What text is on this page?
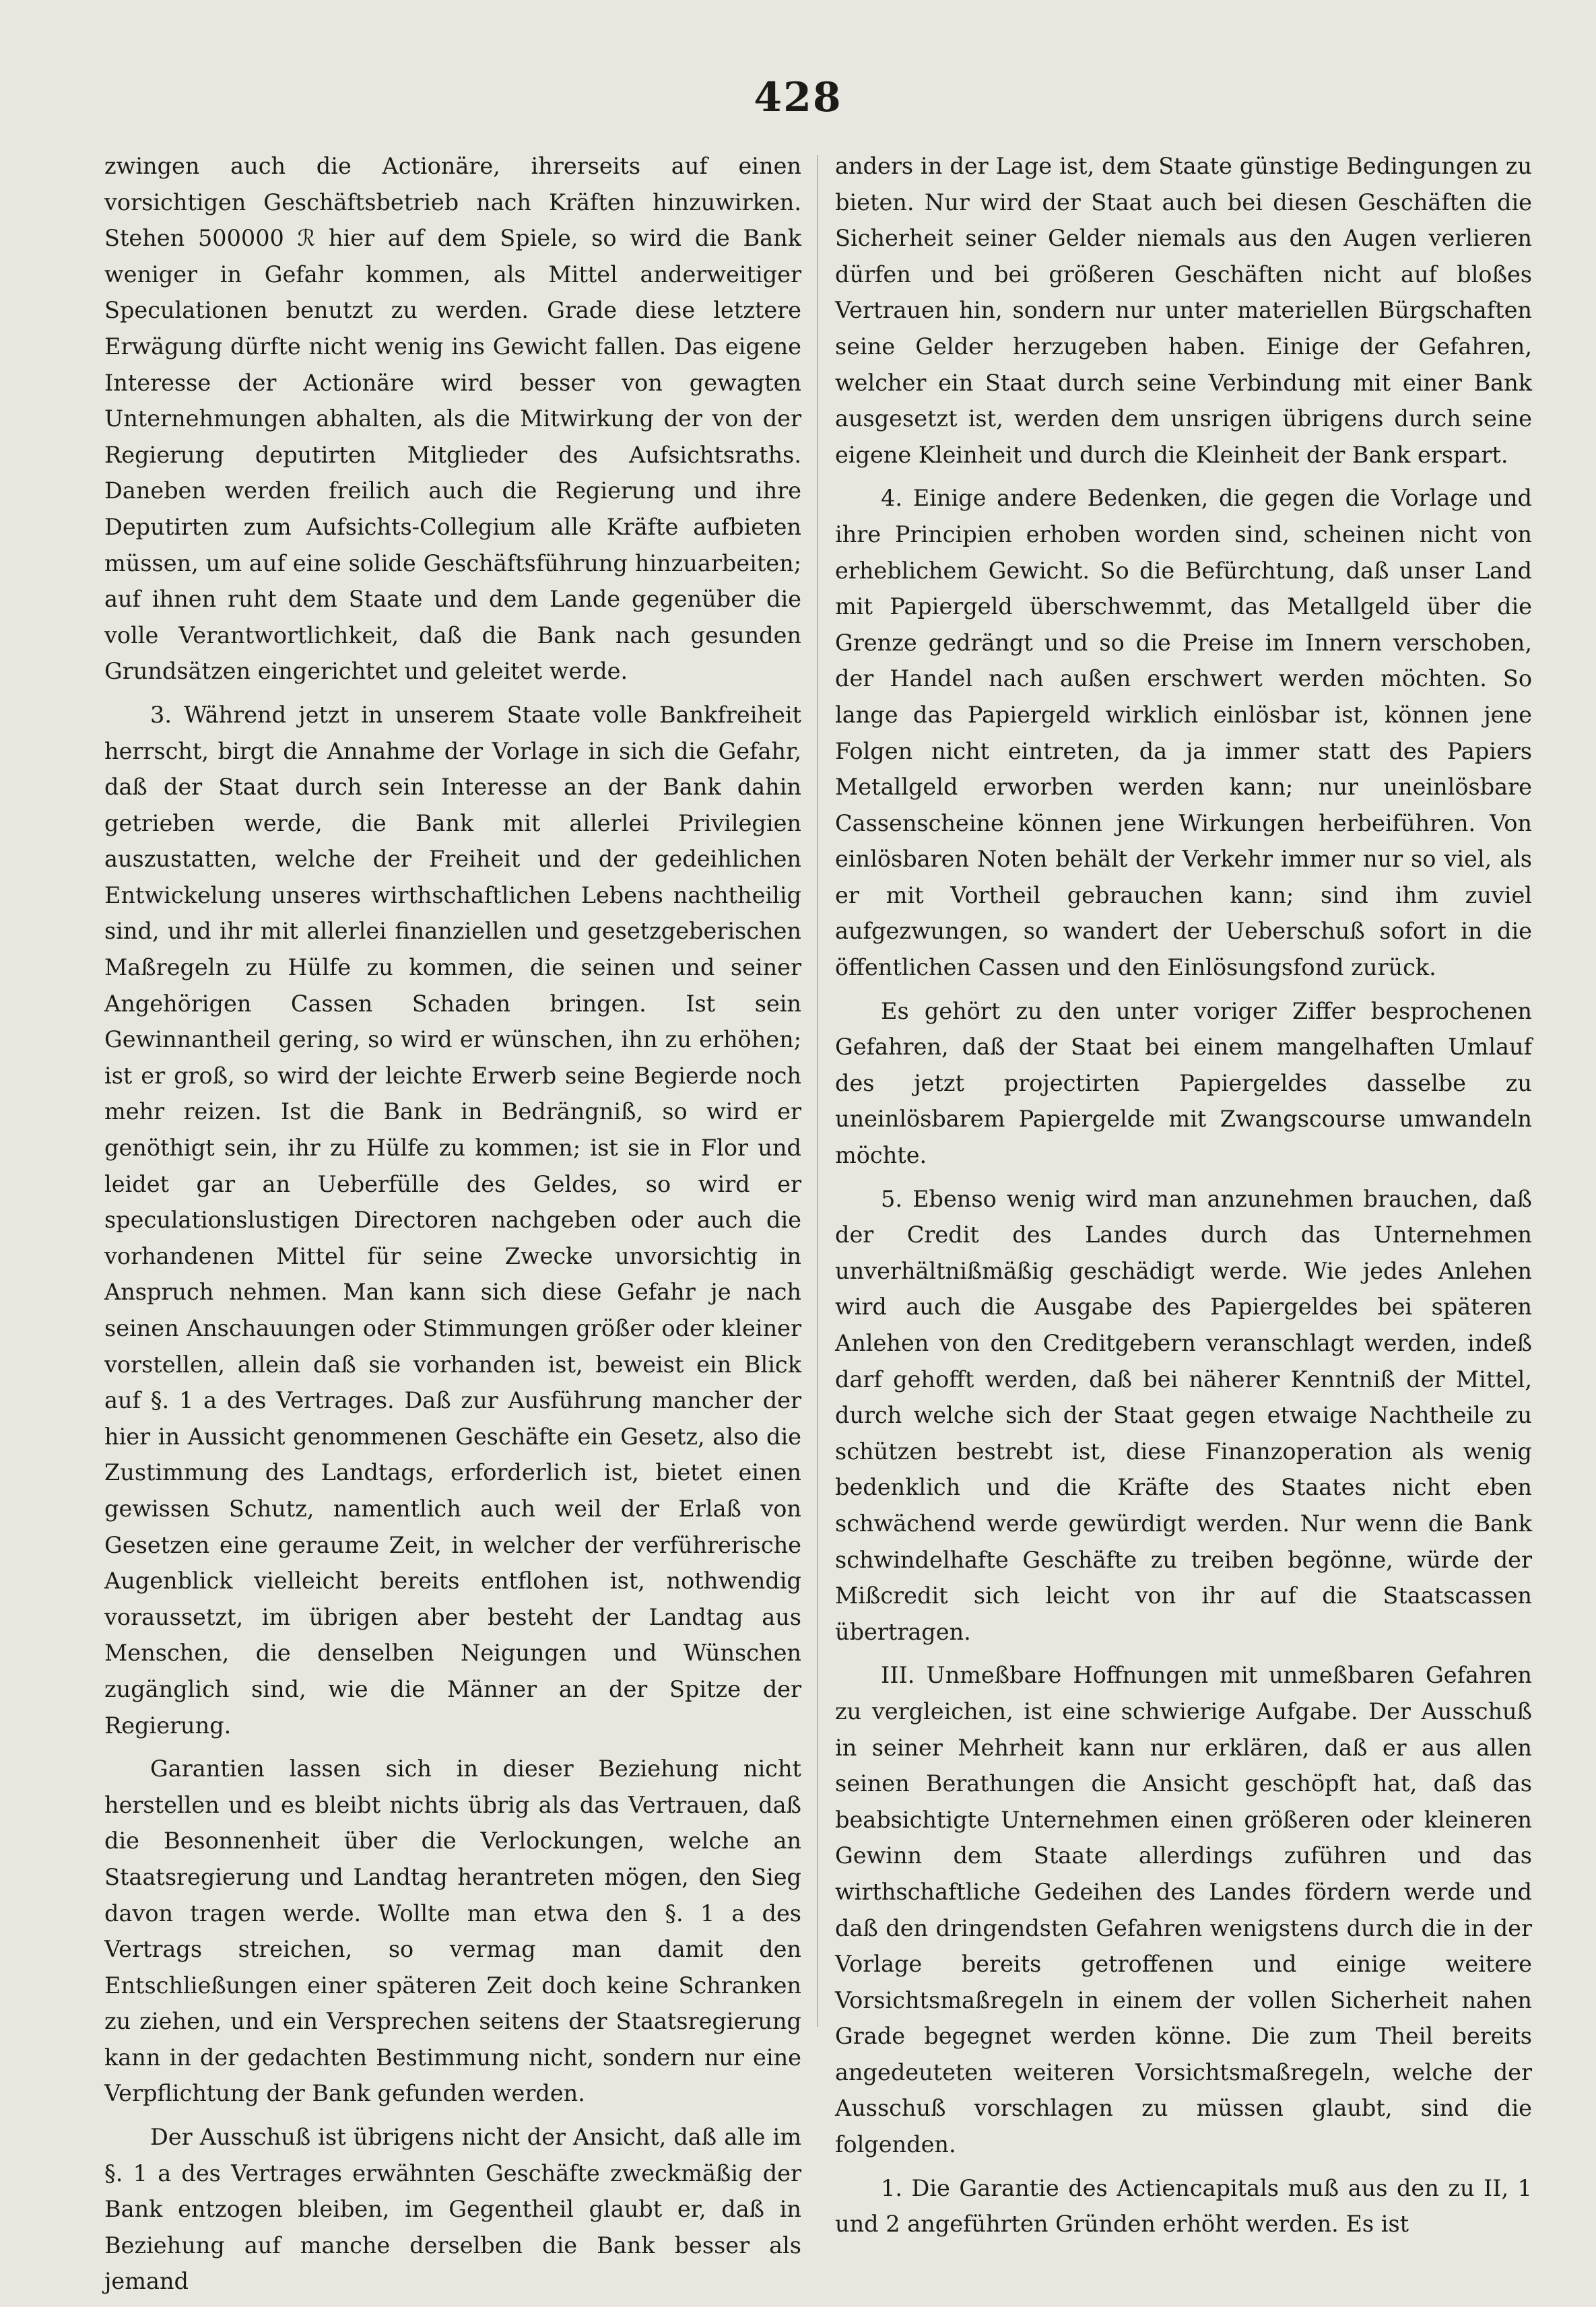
428

zwingen auch die Actionäre, ihrerseits auf einen vorsichtigen Geschäftsbetrieb nach Kräften hinzuwirken. Stehen 500000 ℛ hier auf dem Spiele, so wird die Bank weniger in Gefahr kommen, als Mittel anderweitiger Speculationen benutzt zu werden. Grade diese letztere Erwägung dürfte nicht wenig ins Gewicht fallen. Das eigene Interesse der Actionäre wird besser von gewagten Unternehmungen abhalten, als die Mitwirkung der von der Regierung deputirten Mitglieder des Aufsichtsraths. Daneben werden freilich auch die Regierung und ihre Deputirten zum Aufsichts-Collegium alle Kräfte aufbieten müssen, um auf eine solide Geschäftsführung hinzuarbeiten; auf ihnen ruht dem Staate und dem Lande gegenüber die volle Verantwortlichkeit, daß die Bank nach gesunden Grundsätzen eingerichtet und geleitet werde.

3. Während jetzt in unserem Staate volle Bankfreiheit herrscht, birgt die Annahme der Vorlage in sich die Gefahr, daß der Staat durch sein Interesse an der Bank dahin getrieben werde, die Bank mit allerlei Privilegien auszustatten, welche der Freiheit und der gedeihlichen Entwickelung unseres wirthschaftlichen Lebens nachtheilig sind, und ihr mit allerlei finanziellen und gesetzgeberischen Maßregeln zu Hülfe zu kommen, die seinen und seiner Angehörigen Cassen Schaden bringen. Ist sein Gewinnantheil gering, so wird er wünschen, ihn zu erhöhen; ist er groß, so wird der leichte Erwerb seine Begierde noch mehr reizen. Ist die Bank in Bedrängniß, so wird er genöthigt sein, ihr zu Hülfe zu kommen; ist sie in Flor und leidet gar an Ueberfülle des Geldes, so wird er speculationslustigen Directoren nachgeben oder auch die vorhandenen Mittel für seine Zwecke unvorsichtig in Anspruch nehmen. Man kann sich diese Gefahr je nach seinen Anschauungen oder Stimmungen größer oder kleiner vorstellen, allein daß sie vorhanden ist, beweist ein Blick auf §. 1 a des Vertrages. Daß zur Ausführung mancher der hier in Aussicht genommenen Geschäfte ein Gesetz, also die Zustimmung des Landtags, erforderlich ist, bietet einen gewissen Schutz, namentlich auch weil der Erlaß von Gesetzen eine geraume Zeit, in welcher der verführerische Augenblick vielleicht bereits entflohen ist, nothwendig voraussetzt, im übrigen aber besteht der Landtag aus Menschen, die denselben Neigungen und Wünschen zugänglich sind, wie die Männer an der Spitze der Regierung.

Garantien lassen sich in dieser Beziehung nicht herstellen und es bleibt nichts übrig als das Vertrauen, daß die Besonnenheit über die Verlockungen, welche an Staatsregierung und Landtag herantreten mögen, den Sieg davon tragen werde. Wollte man etwa den §. 1 a des Vertrags streichen, so vermag man damit den Entschließungen einer späteren Zeit doch keine Schranken zu ziehen, und ein Versprechen seitens der Staatsregierung kann in der gedachten Bestimmung nicht, sondern nur eine Verpflichtung der Bank gefunden werden.

Der Ausschuß ist übrigens nicht der Ansicht, daß alle im §. 1 a des Vertrages erwähnten Geschäfte zweckmäßig der Bank entzogen bleiben, im Gegentheil glaubt er, daß in Beziehung auf manche derselben die Bank besser als jemand

anders in der Lage ist, dem Staate günstige Bedingungen zu bieten. Nur wird der Staat auch bei diesen Geschäften die Sicherheit seiner Gelder niemals aus den Augen verlieren dürfen und bei größeren Geschäften nicht auf bloßes Vertrauen hin, sondern nur unter materiellen Bürgschaften seine Gelder herzugeben haben. Einige der Gefahren, welcher ein Staat durch seine Verbindung mit einer Bank ausgesetzt ist, werden dem unsrigen übrigens durch seine eigene Kleinheit und durch die Kleinheit der Bank erspart.

4. Einige andere Bedenken, die gegen die Vorlage und ihre Principien erhoben worden sind, scheinen nicht von erheblichem Gewicht. So die Befürchtung, daß unser Land mit Papiergeld überschwemmt, das Metallgeld über die Grenze gedrängt und so die Preise im Innern verschoben, der Handel nach außen erschwert werden möchten. So lange das Papiergeld wirklich einlösbar ist, können jene Folgen nicht eintreten, da ja immer statt des Papiers Metallgeld erworben werden kann; nur uneinlösbare Cassenscheine können jene Wirkungen herbeiführen. Von einlösbaren Noten behält der Verkehr immer nur so viel, als er mit Vortheil gebrauchen kann; sind ihm zuviel aufgezwungen, so wandert der Ueberschuß sofort in die öffentlichen Cassen und den Einlösungsfond zurück.

Es gehört zu den unter voriger Ziffer besprochenen Gefahren, daß der Staat bei einem mangelhaften Umlauf des jetzt projectirten Papiergeldes dasselbe zu uneinlösbarem Papiergelde mit Zwangscourse umwandeln möchte.

5. Ebenso wenig wird man anzunehmen brauchen, daß der Credit des Landes durch das Unternehmen unverhältnißmäßig geschädigt werde. Wie jedes Anlehen wird auch die Ausgabe des Papiergeldes bei späteren Anlehen von den Creditgebern veranschlagt werden, indeß darf gehofft werden, daß bei näherer Kenntniß der Mittel, durch welche sich der Staat gegen etwaige Nachtheile zu schützen bestrebt ist, diese Finanzoperation als wenig bedenklich und die Kräfte des Staates nicht eben schwächend werde gewürdigt werden. Nur wenn die Bank schwindelhafte Geschäfte zu treiben begönne, würde der Mißcredit sich leicht von ihr auf die Staatscassen übertragen.

III. Unmeßbare Hoffnungen mit unmeßbaren Gefahren zu vergleichen, ist eine schwierige Aufgabe. Der Ausschuß in seiner Mehrheit kann nur erklären, daß er aus allen seinen Berathungen die Ansicht geschöpft hat, daß das beabsichtigte Unternehmen einen größeren oder kleineren Gewinn dem Staate allerdings zuführen und das wirthschaftliche Gedeihen des Landes fördern werde und daß den dringendsten Gefahren wenigstens durch die in der Vorlage bereits getroffenen und einige weitere Vorsichtsmaßregeln in einem der vollen Sicherheit nahen Grade begegnet werden könne. Die zum Theil bereits angedeuteten weiteren Vorsichtsmaßregeln, welche der Ausschuß vorschlagen zu müssen glaubt, sind die folgenden.

1. Die Garantie des Actiencapitals muß aus den zu II, 1 und 2 angeführten Gründen erhöht werden. Es ist
